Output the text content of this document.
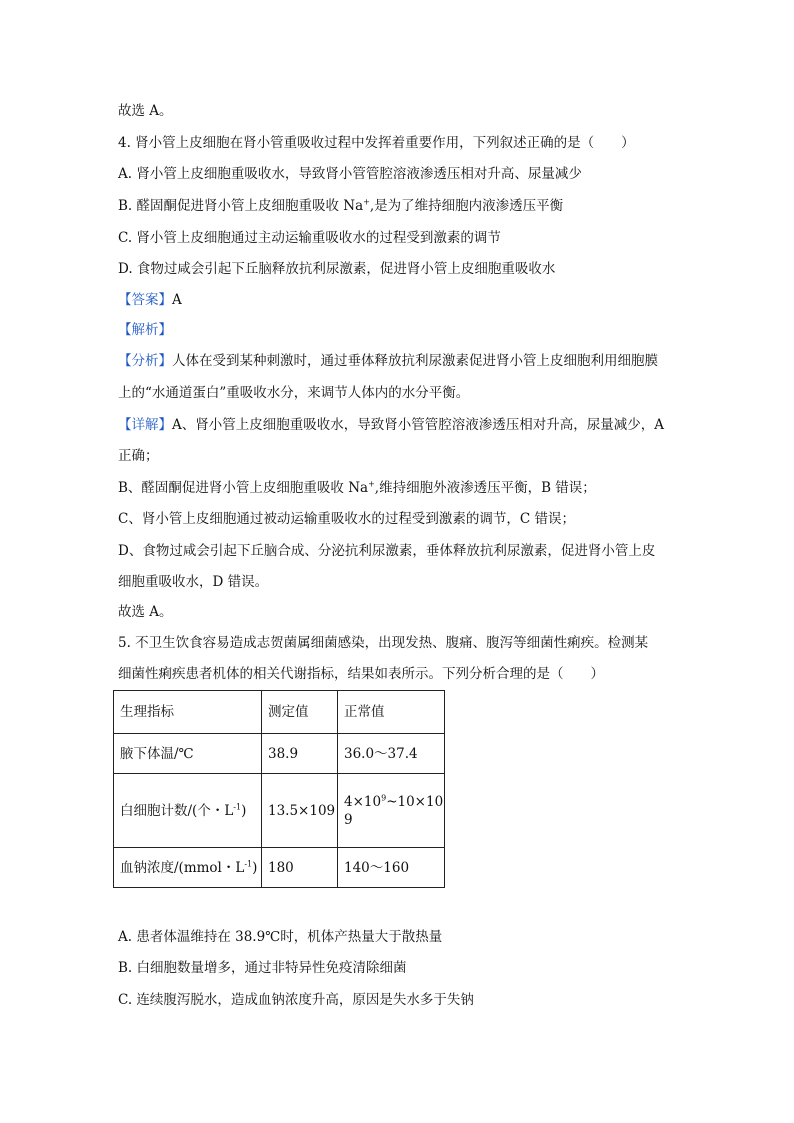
故选 A。
4. 肾小管上皮细胞在肾小管重吸收过程中发挥着重要作用，下列叙述正确的是（　　）
A. 肾小管上皮细胞重吸收水，导致肾小管管腔溶液渗透压相对升高、尿量减少
B. 醛固酮促进肾小管上皮细胞重吸收 Na+,是为了维持细胞内液渗透压平衡
C. 肾小管上皮细胞通过主动运输重吸收水的过程受到激素的调节
D. 食物过咸会引起下丘脑释放抗利尿激素，促进肾小管上皮细胞重吸收水
【答案】A
【解析】
【分析】人体在受到某种刺激时，通过垂体释放抗利尿激素促进肾小管上皮细胞利用细胞膜
上的“水通道蛋白”重吸收水分，来调节人体内的水分平衡。
【详解】A、肾小管上皮细胞重吸收水，导致肾小管管腔溶液渗透压相对升高，尿量减少，A
正确；
B、醛固酮促进肾小管上皮细胞重吸收 Na+,维持细胞外液渗透压平衡，B 错误；
C、肾小管上皮细胞通过被动运输重吸收水的过程受到激素的调节，C 错误；
D、食物过咸会引起下丘脑合成、分泌抗利尿激素，垂体释放抗利尿激素，促进肾小管上皮
细胞重吸收水，D 错误。
故选 A。
5. 不卫生饮食容易造成志贺菌属细菌感染，出现发热、腹痛、腹泻等细菌性痢疾。检测某
细菌性痢疾患者机体的相关代谢指标，结果如表所示。下列分析合理的是（　　）
生理指标	测定值	正常值
腋下体温/℃	38.9	36.0～37.4
白细胞计数/(个・$L^{-1}$)	13.5×109	$4\times 10^9\sim 10\times 109$
血钠浓度/(mmol・$L^{-1}$)	180	140～160
A. 患者体温维持在 38.9℃时，机体产热量大于散热量
B. 白细胞数量增多，通过非特异性免疫清除细菌
C. 连续腹泻脱水，造成血钠浓度升高，原因是失水多于失钠
